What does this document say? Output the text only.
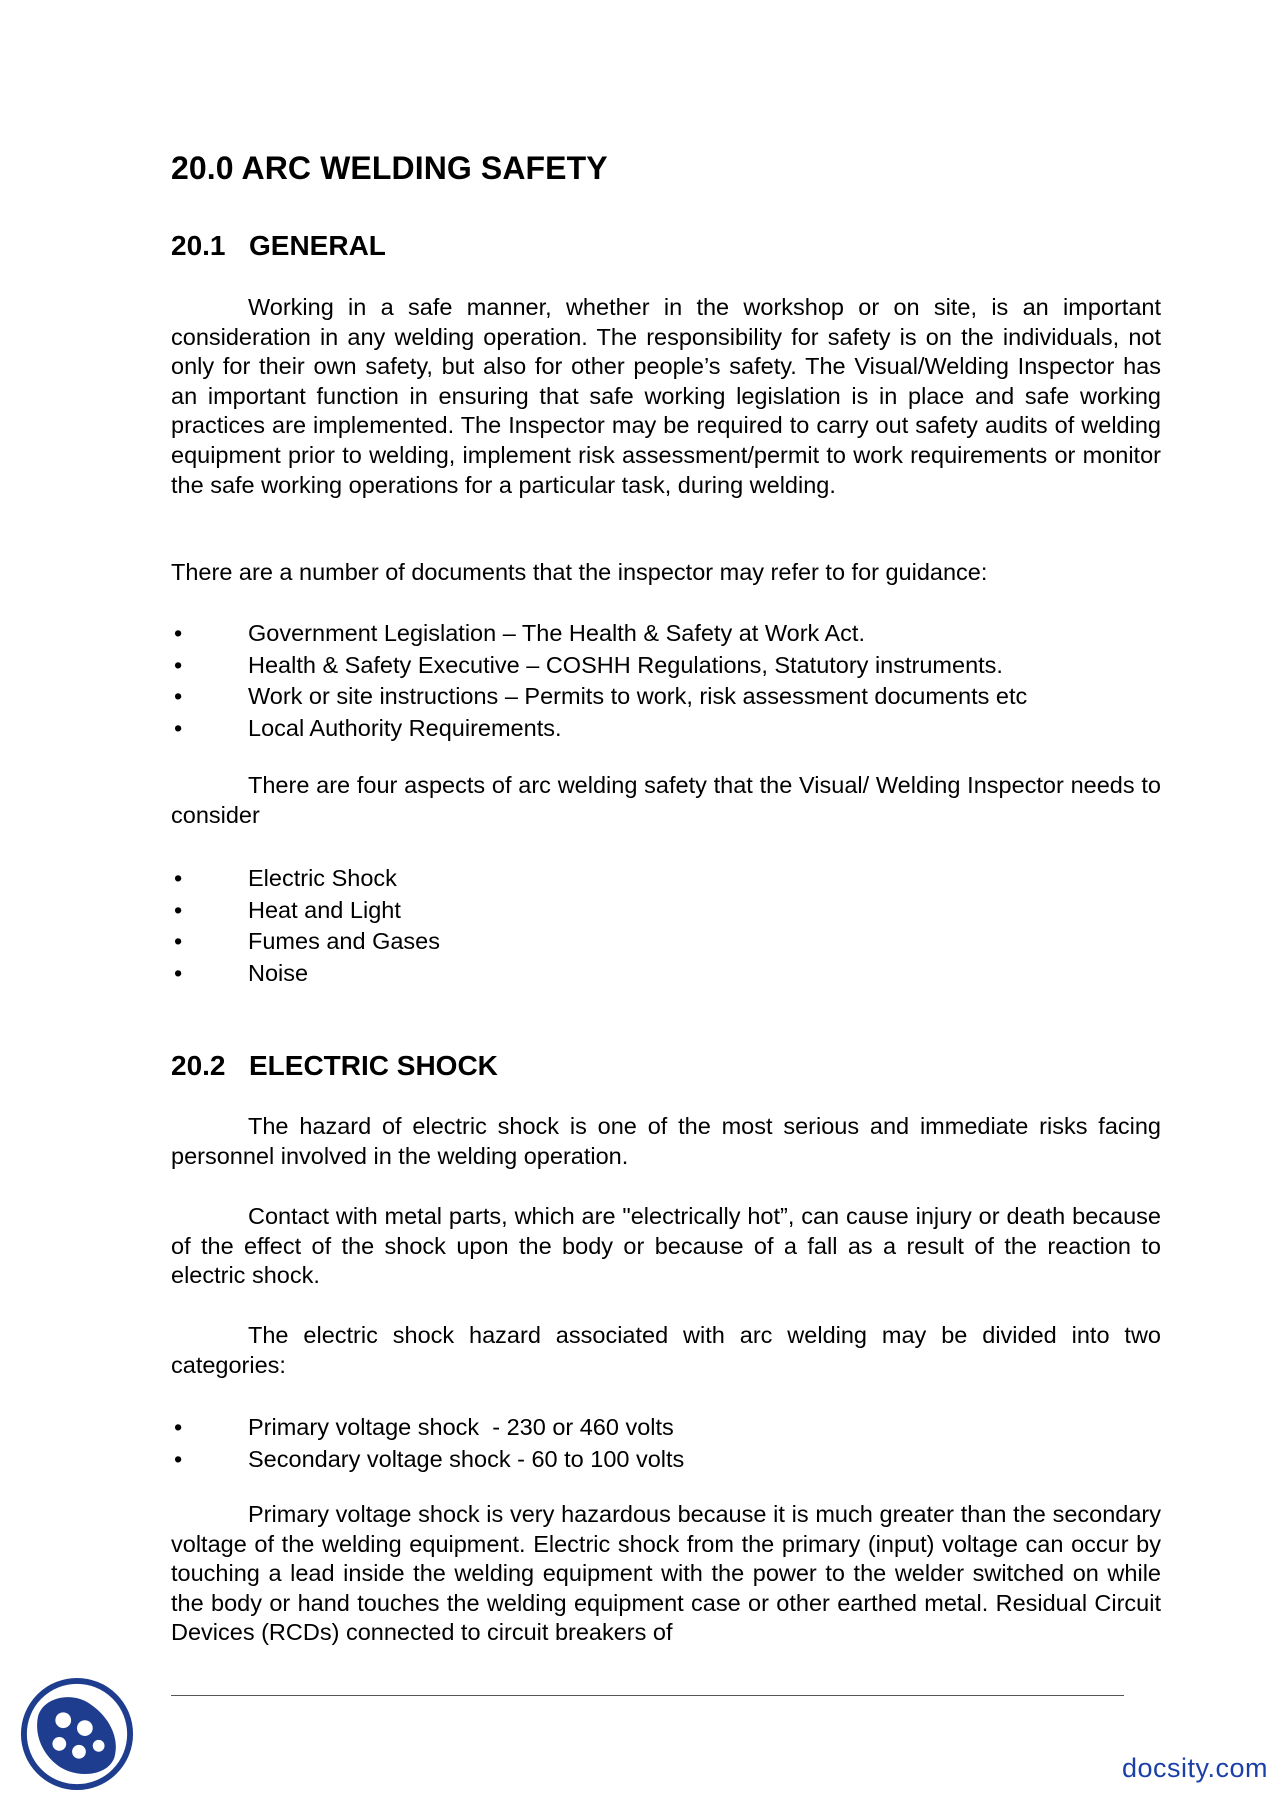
20.0 ARC WELDING SAFETY
20.1 GENERAL

Working in a safe manner, whether in the workshop or on site, is an important consideration in any welding operation. The responsibility for safety is on the individuals, not only for their own safety, but also for other people’s safety. The Visual/Welding Inspector has an important function in ensuring that safe working legislation is in place and safe working practices are implemented. The Inspector may be required to carry out safety audits of welding equipment prior to welding, implement risk assessment/permit to work requirements or monitor the safe working operations for a particular task, during welding.

There are a number of documents that the inspector may refer to for guidance:

•	Government Legislation – The Health & Safety at Work Act.
•	Health & Safety Executive – COSHH Regulations, Statutory instruments.
•	Work or site instructions – Permits to work, risk assessment documents etc
•	Local Authority Requirements.

There are four aspects of arc welding safety that the Visual/ Welding Inspector needs to consider

•	Electric Shock
•	Heat and Light
•	Fumes and Gases
•	Noise
20.2 ELECTRIC SHOCK

The hazard of electric shock is one of the most serious and immediate risks facing personnel involved in the welding operation.

Contact with metal parts, which are "electrically hot”, can cause injury or death because of the effect of the shock upon the body or because of a fall as a result of the reaction to electric shock.

The electric shock hazard associated with arc welding may be divided into two categories:

•	Primary voltage shock  - 230 or 460 volts
•	Secondary voltage shock - 60 to 100 volts

Primary voltage shock is very hazardous because it is much greater than the secondary voltage of the welding equipment. Electric shock from the primary (input) voltage can occur by touching a lead inside the welding equipment with the power to the welder switched on while the body or hand touches the welding equipment case or other earthed metal. Residual Circuit Devices (RCDs) connected to circuit breakers of

docsity.com
